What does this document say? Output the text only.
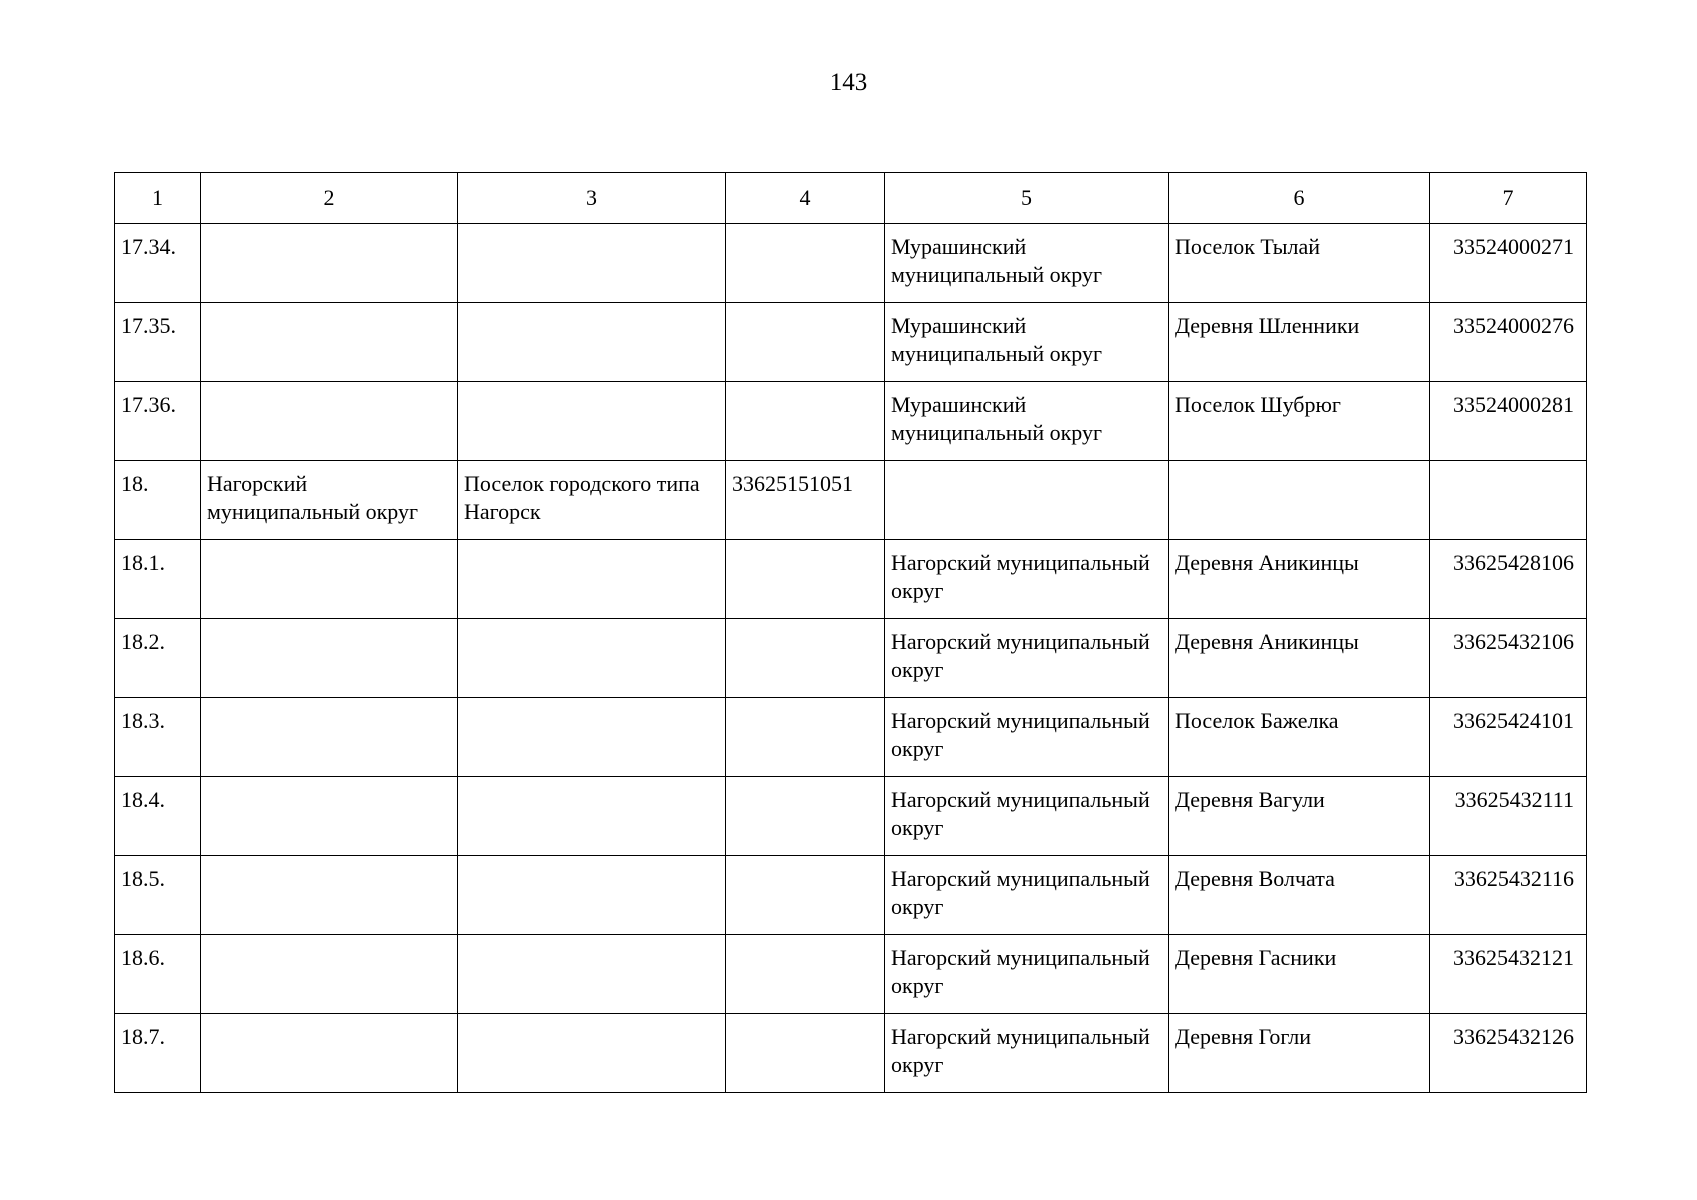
143
1	2	3	4	5	6	7
17.34.				Мурашинский муниципальный округ	Поселок Тылай	33524000271
17.35.				Мурашинский муниципальный округ	Деревня Шленники	33524000276
17.36.				Мурашинский муниципальный округ	Поселок Шубрюг	33524000281
18.	Нагорский муниципальный округ	Поселок городского типа Нагорск	33625151051			
18.1.				Нагорский муниципальный округ	Деревня Аникинцы	33625428106
18.2.				Нагорский муниципальный округ	Деревня Аникинцы	33625432106
18.3.				Нагорский муниципальный округ	Поселок Бажелка	33625424101
18.4.				Нагорский муниципальный округ	Деревня Вагули	33625432111
18.5.				Нагорский муниципальный округ	Деревня Волчата	33625432116
18.6.				Нагорский муниципальный округ	Деревня Гасники	33625432121
18.7.				Нагорский муниципальный округ	Деревня Гогли	33625432126
